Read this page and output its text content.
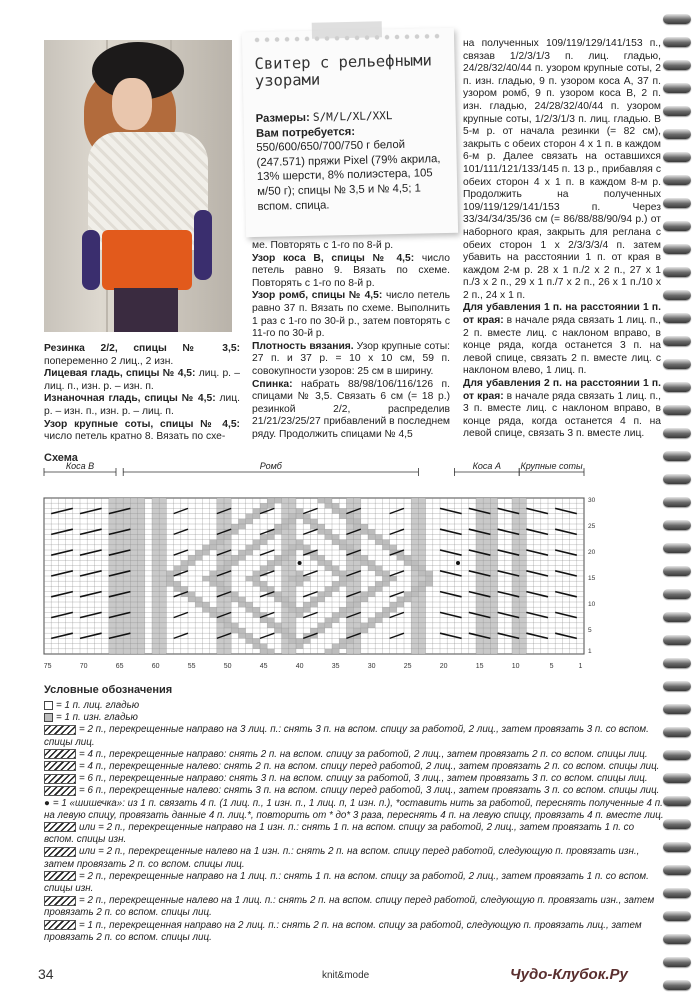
Свитер с рельефными узорами
Размеры: S/M/L/XL/XXL
Вам потребуется:
550/600/650/700/750 г белой (247.571) пряжи Pixel (79% акрила, 13% шерсти, 8% полиэстера, 105 м/50 г); спицы № 3,5 и № 4,5; 1 вспом. спица.
Резинка 2/2, спицы № 3,5: попеременно 2 лиц., 2 изн.
Лицевая гладь, спицы № 4,5: лиц. р. – лиц. п., изн. р. – изн. п.
Изнаночная гладь, спицы № 4,5: лиц. р. – изн. п., изн. р. – лиц. п.
Узор крупные соты, спицы № 4,5: число петель кратно 8. Вязать по схе-
ме. Повторять с 1-го по 8-й р.
Узор коса B, спицы № 4,5: число петель равно 9. Вязать по схеме. Повторять с 1-го по 8-й р.
Узор ромб, спицы № 4,5: число петель равно 37 п. Вязать по схеме. Выполнить 1 раз с 1-го по 30-й р., затем повторять с 11-го по 30-й р.
Плотность вязания. Узор крупные соты: 27 п. и 37 р. = 10 x 10 см, 59 п. совокупности узоров: 25 см в ширину.
Спинка: набрать 88/98/106/116/126 п. спицами № 3,5. Связать 6 см (= 18 р.) резинкой 2/2, распределив 21/21/23/25/27 прибавлений в последнем ряду. Продолжить спицами № 4,5
на полученных 109/119/129/141/153 п., связав 1/2/3/1/3 п. лиц. гладью, 24/28/32/40/44 п. узором крупные соты, 2 п. изн. гладью, 9 п. узором коса A, 37 п. узором ромб, 9 п. узором коса B, 2 п. изн. гладью, 24/28/32/40/44 п. узором крупные соты, 1/2/3/1/3 п. лиц. гладью. В 5-м р. от начала резинки (= 82 см), закрыть с обеих сторон 4 x 1 п. в каждом 6-м р. Далее связать на оставшихся 101/111/121/133/145 п. 13 р., прибавляя с обеих сторон 4 x 1 п. в каждом 8-м р. Продолжить на полученных 109/119/129/141/153 п. Через 33/34/34/35/36 см (= 86/88/88/90/94 р.) от наборного края, закрыть для реглана с обеих сторон 1 x 2/3/3/3/4 п. затем убавить на расстоянии 1 п. от края в каждом 2-м р. 28 x 1 п./2 x 2 п., 27 x 1 п./3 x 2 п., 29 x 1 п./7 x 2 п., 26 x 1 п./10 x 2 п., 24 x 1 п.
Для убавления 1 п. на расстоянии 1 п. от края: в начале ряда связать 1 лиц. п., 2 п. вместе лиц. с наклоном вправо, в конце ряда, когда останется 3 п. на левой спице, связать 2 п. вместе лиц. с наклоном влево, 1 лиц. п.
Для убавления 2 п. на расстоянии 1 п. от края: в начале ряда связать 1 лиц. п., 3 п. вместе лиц. с наклоном вправо, в конце ряда, когда останется 4 п. на левой спице, связать 3 п. вместе лиц.
Схема
Коса B	Ромб	Коса A Крупные соты
75	70	65	60	55	50	45	40	35	30	25	20	15	10	5	1
30
25
20
15
10
5
1
Условные обозначения

= 1 п. лиц. гладью

= 1 п. изн. гладью

= 2 п., перекрещенные направо на 3 лиц. п.: снять 3 п. на вспом. спицу за работой, 2 лиц., затем провязать 3 п. со вспом. спицы лиц.

= 4 п., перекрещенные направо: снять 2 п. на вспом. спицу за работой, 2 лиц., затем провязать 2 п. со вспом. спицы лиц.

= 4 п., перекрещенные налево: снять 2 п. на вспом. спицу перед работой, 2 лиц., затем провязать 2 п. со вспом. спицы лиц.

= 6 п., перекрещенные направо: снять 3 п. на вспом. спицу за работой, 3 лиц., затем провязать 3 п. со вспом. спицы лиц.

= 6 п., перекрещенные налево: снять 3 п. на вспом. спицу перед работой, 3 лиц., затем провязать 3 п. со вспом. спицы лиц.

● = 1 «шишечка»: из 1 п. связать 4 п. (1 лиц. п., 1 изн. п., 1 лиц. п, 1 изн. п.), *оставить нить за работой, переснять полученные 4 п. на левую спицу, провязать данные 4 п. лиц.*, повторить от * до* 3 раза, переснять 4 п. на левую спицу, провязать 4 п. вместе лиц.

или = 2 п., перекрещенные направо на 1 изн. п.: снять 1 п. на вспом. спицу за работой, 2 лиц., затем провязать 1 п. со вспом. спицы изн.

или = 2 п., перекрещенные налево на 1 изн. п.: снять 2 п. на вспом. спицу перед работой, следующую п. провязать изн., затем провязать 2 п. со вспом. спицы лиц.

= 2 п., перекрещенные направо на 1 лиц. п.: снять 1 п. на вспом. спицу за работой, 2 лиц., затем провязать 1 п. со вспом. спицы изн.

= 2 п., перекрещенные налево на 1 лиц. п.: снять 2 п. на вспом. спицу перед работой, следующую п. провязать изн., затем провязать 2 п. со вспом. спицы лиц.

= 1 п., перекрещенная направо на 2 лиц. п.: снять 2 п. на вспом. спицу за работой, следующую п. провязать лиц., затем провязать 2 п. со вспом. спицы лиц.

34	knit&mode	Чудо-Клубок.Ру
